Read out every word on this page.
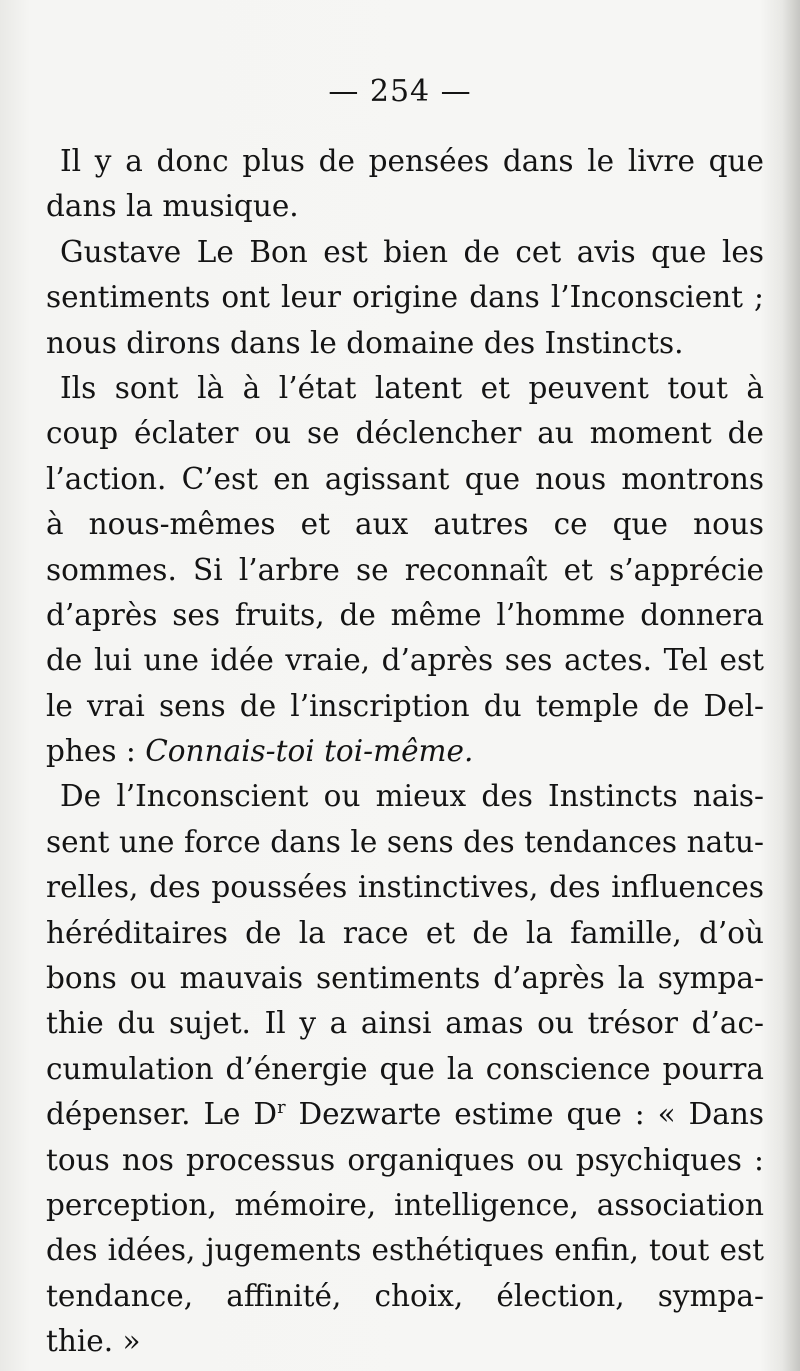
— 254 —
Il y a donc plus de pensées dans le livre que
dans la musique.
Gustave Le Bon est bien de cet avis que les
sentiments ont leur origine dans l’Inconscient ;
nous dirons dans le domaine des Instincts.
Ils sont là à l’état latent et peuvent tout à
coup éclater ou se déclencher au moment de
l’action. C’est en agissant que nous montrons
à nous-mêmes et aux autres ce que nous
sommes. Si l’arbre se reconnaît et s’apprécie
d’après ses fruits, de même l’homme donnera
de lui une idée vraie, d’après ses actes. Tel est
le vrai sens de l’inscription du temple de Del-
phes : Connais-toi toi-même.
De l’Inconscient ou mieux des Instincts nais-
sent une force dans le sens des tendances natu-
relles, des poussées instinctives, des influences
héréditaires de la race et de la famille, d’où
bons ou mauvais sentiments d’après la sympa-
thie du sujet. Il y a ainsi amas ou trésor d’ac-
cumulation d’énergie que la conscience pourra
dépenser. Le $D^r$ Dezwarte estime que : « Dans
tous nos processus organiques ou psychiques :
perception, mémoire, intelligence, association
des idées, jugements esthétiques enfin, tout est
tendance, affinité, choix, élection, sympa-
thie. »
